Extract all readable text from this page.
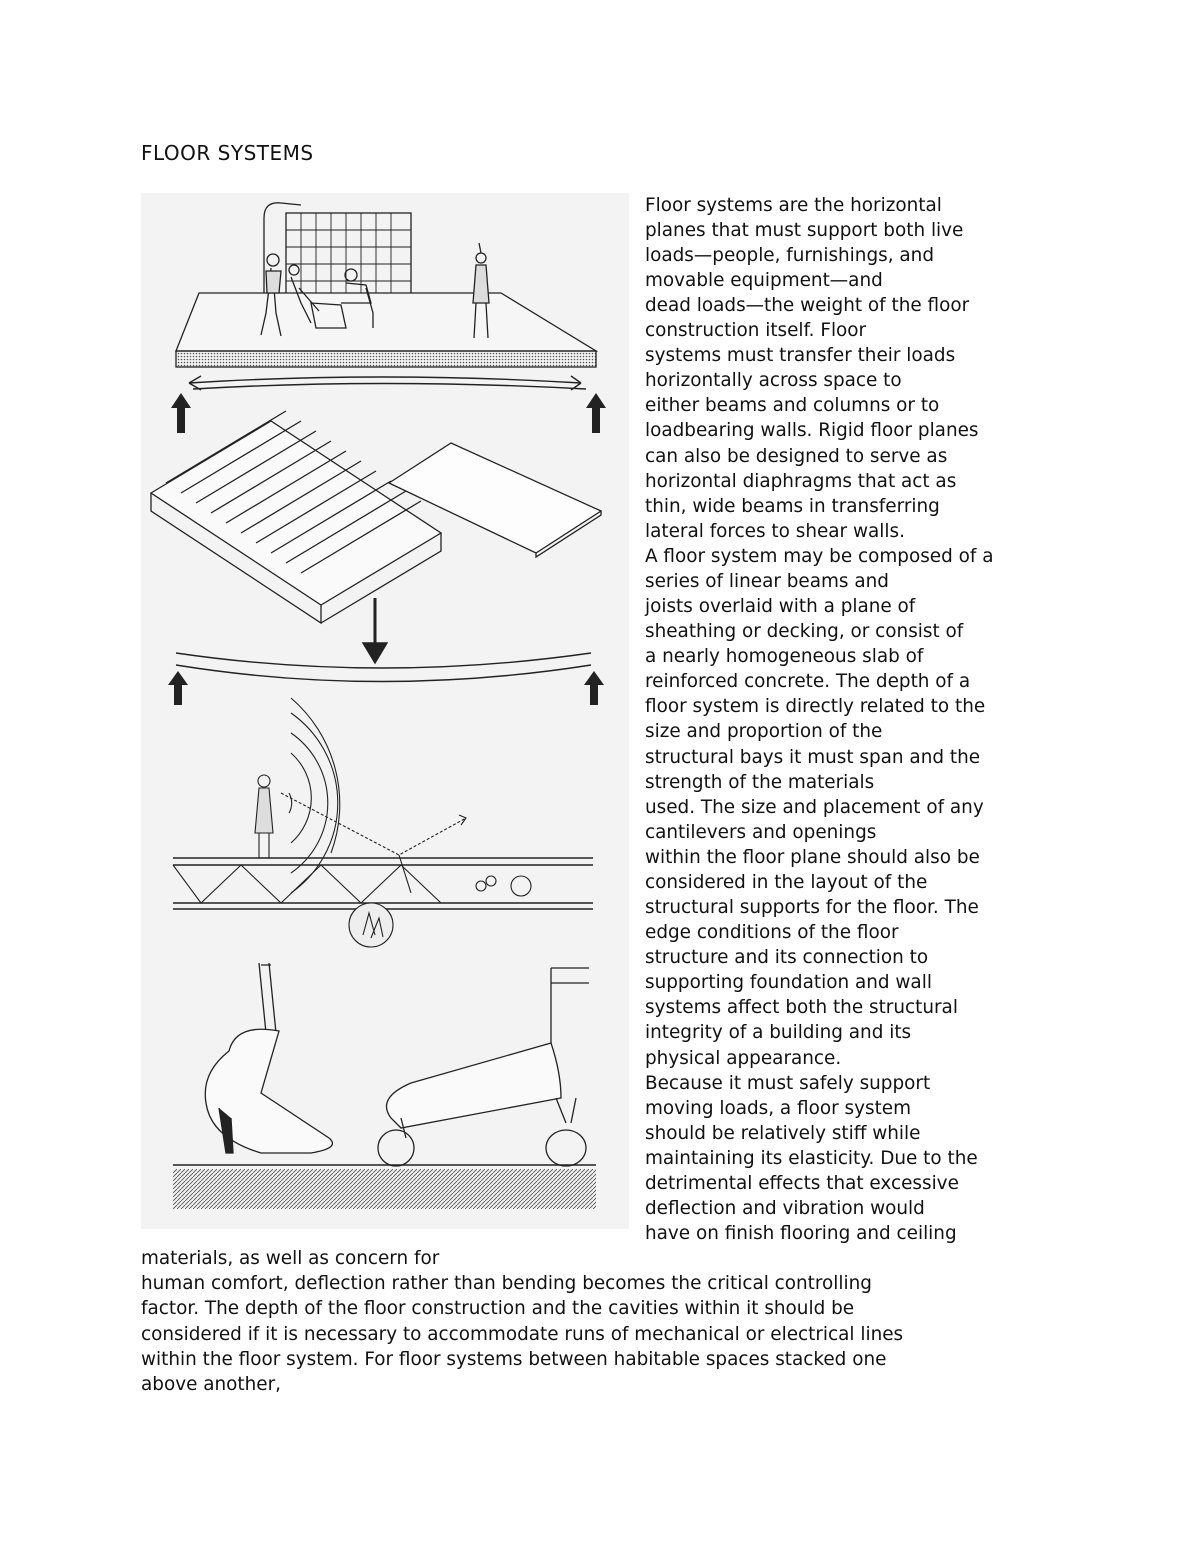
FLOOR SYSTEMS
Floor systems are the horizontal
planes that must support both live
loads—people, furnishings, and
movable equipment—and
dead loads—the weight of the floor
construction itself. Floor
systems must transfer their loads
horizontally across space to
either beams and columns or to
loadbearing walls. Rigid floor planes
can also be designed to serve as
horizontal diaphragms that act as
thin, wide beams in transferring
lateral forces to shear walls.
A floor system may be composed of a
series of linear beams and
joists overlaid with a plane of
sheathing or decking, or consist of
a nearly homogeneous slab of
reinforced concrete. The depth of a
floor system is directly related to the
size and proportion of the
structural bays it must span and the
strength of the materials
used. The size and placement of any
cantilevers and openings
within the floor plane should also be
considered in the layout of the
structural supports for the floor. The
edge conditions of the floor
structure and its connection to
supporting foundation and wall
systems affect both the structural
integrity of a building and its
physical appearance.
Because it must safely support
moving loads, a floor system
should be relatively stiff while
maintaining its elasticity. Due to the
detrimental effects that excessive
deflection and vibration would
have on finish flooring and ceiling
materials, as well as concern for
human comfort, deflection rather than bending becomes the critical controlling
factor. The depth of the floor construction and the cavities within it should be
considered if it is necessary to accommodate runs of mechanical or electrical lines
within the floor system. For floor systems between habitable spaces stacked one
above another,
